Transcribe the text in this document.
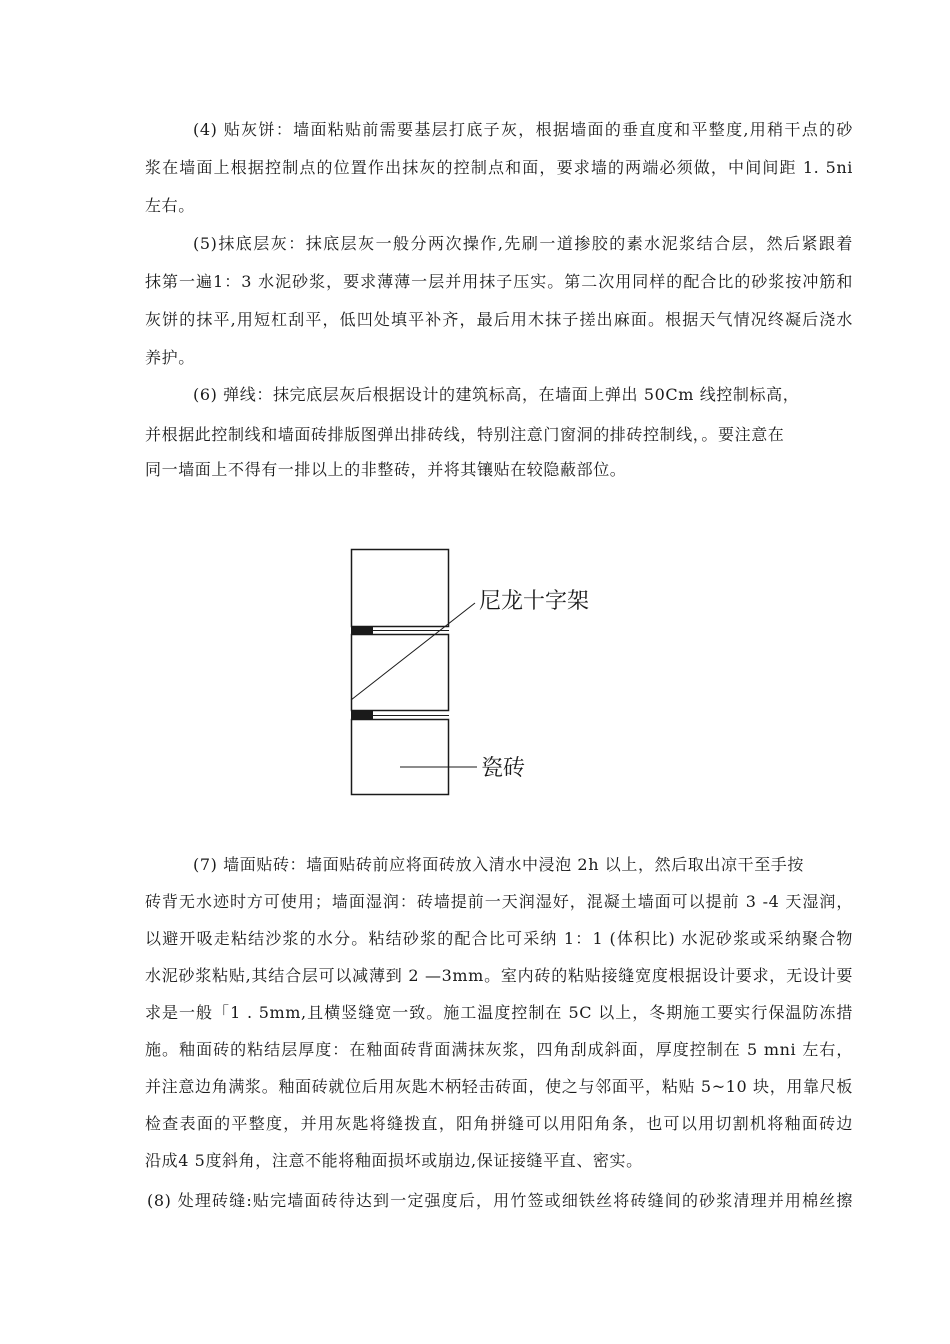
(4) 贴灰饼：墙面粘贴前需要基层打底子灰，根据墙面的垂直度和平整度,用稍干点的砂
浆在墙面上根据控制点的位置作出抹灰的控制点和面，要求墙的两端必须做，中间间距 1. 5ni
左右。
(5)抹底层灰：抹底层灰一般分两次操作,先刷一道掺胶的素水泥浆结合层，然后紧跟着
抹第一遍1：3 水泥砂浆，要求薄薄一层并用抹子压实。第二次用同样的配合比的砂浆按冲筋和
灰饼的抹平,用短杠刮平，低凹处填平补齐，最后用木抹子搓出麻面。根据天气情况终凝后浇水
养护。
(6) 弹线：抹完底层灰后根据设计的建筑标高，在墙面上弹出 50Cm 线控制标高，
并根据此控制线和墙面砖排版图弹出排砖线，特别注意门窗洞的排砖控制线，。要注意在
同一墙面上不得有一排以上的非整砖，并将其镶贴在较隐蔽部位。
尼龙十字架
瓷砖
(7) 墙面贴砖：墙面贴砖前应将面砖放入清水中浸泡 2h 以上，然后取出凉干至手按
砖背无水迹时方可使用；墙面湿润：砖墙提前一天润湿好，混凝土墙面可以提前 3 -4 天湿润，
以避开吸走粘结沙浆的水分。粘结砂浆的配合比可采纳 1：1 (体积比) 水泥砂浆或采纳聚合物
水泥砂浆粘贴,其结合层可以减薄到 2 —3mm。室内砖的粘贴接缝宽度根据设计要求，无设计要
求是一般「1 . 5mm,且横竖缝宽一致。施工温度控制在 5C 以上，冬期施工要实行保温防冻措
施。釉面砖的粘结层厚度：在釉面砖背面满抹灰浆，四角刮成斜面，厚度控制在 5 mni 左右，
并注意边角满浆。釉面砖就位后用灰匙木柄轻击砖面，使之与邻面平，粘贴 5~10 块，用靠尺板
检查表面的平整度，并用灰匙将缝拨直，阳角拼缝可以用阳角条，也可以用切割机将釉面砖边
沿成4 5度斜角，注意不能将釉面损坏或崩边,保证接缝平直、密实。
(8) 处理砖缝:贴完墙面砖待达到一定强度后，用竹签或细铁丝将砖缝间的砂浆清理并用棉丝擦
